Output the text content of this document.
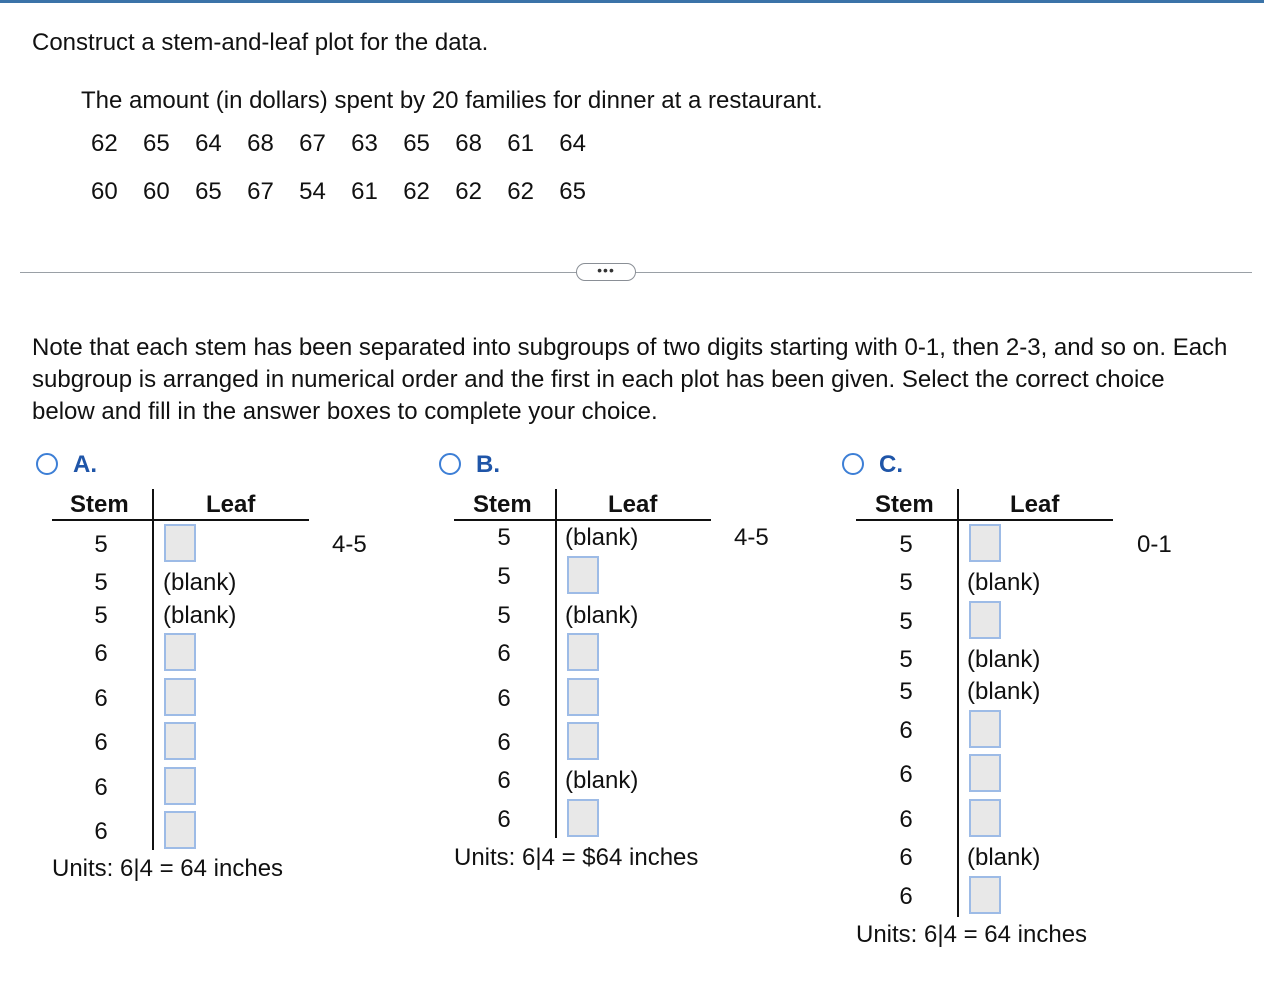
Construct a stem-and-leaf plot for the data.
The amount (in dollars) spent by 20 families for dinner at a restaurant.
62  65  64  68  67  63  65  68  61  64
60  60  65  67  54  61  62  62  62  65
•••
Note that each stem has been separated into subgroups of two digits starting with 0-1, then 2-3, and so on. Each subgroup is arranged in numerical order and the first in each plot has been given. Select the correct choice below and fill in the answer boxes to complete your choice.
A.
Stem	Leaf
4-5
5
5 (blank)
5 (blank)
6
6
6
6
6
Units: 6|4 = 64 inches
B.
Stem	Leaf
4-5
5 (blank)
5
5 (blank)
6
6
6
6 (blank)
6
Units: 6|4 = $64 inches
C.
Stem	Leaf
0-1
5
5 (blank)
5
5 (blank)
5 (blank)
6
6
6
6 (blank)
6
Units: 6|4 = 64 inches
